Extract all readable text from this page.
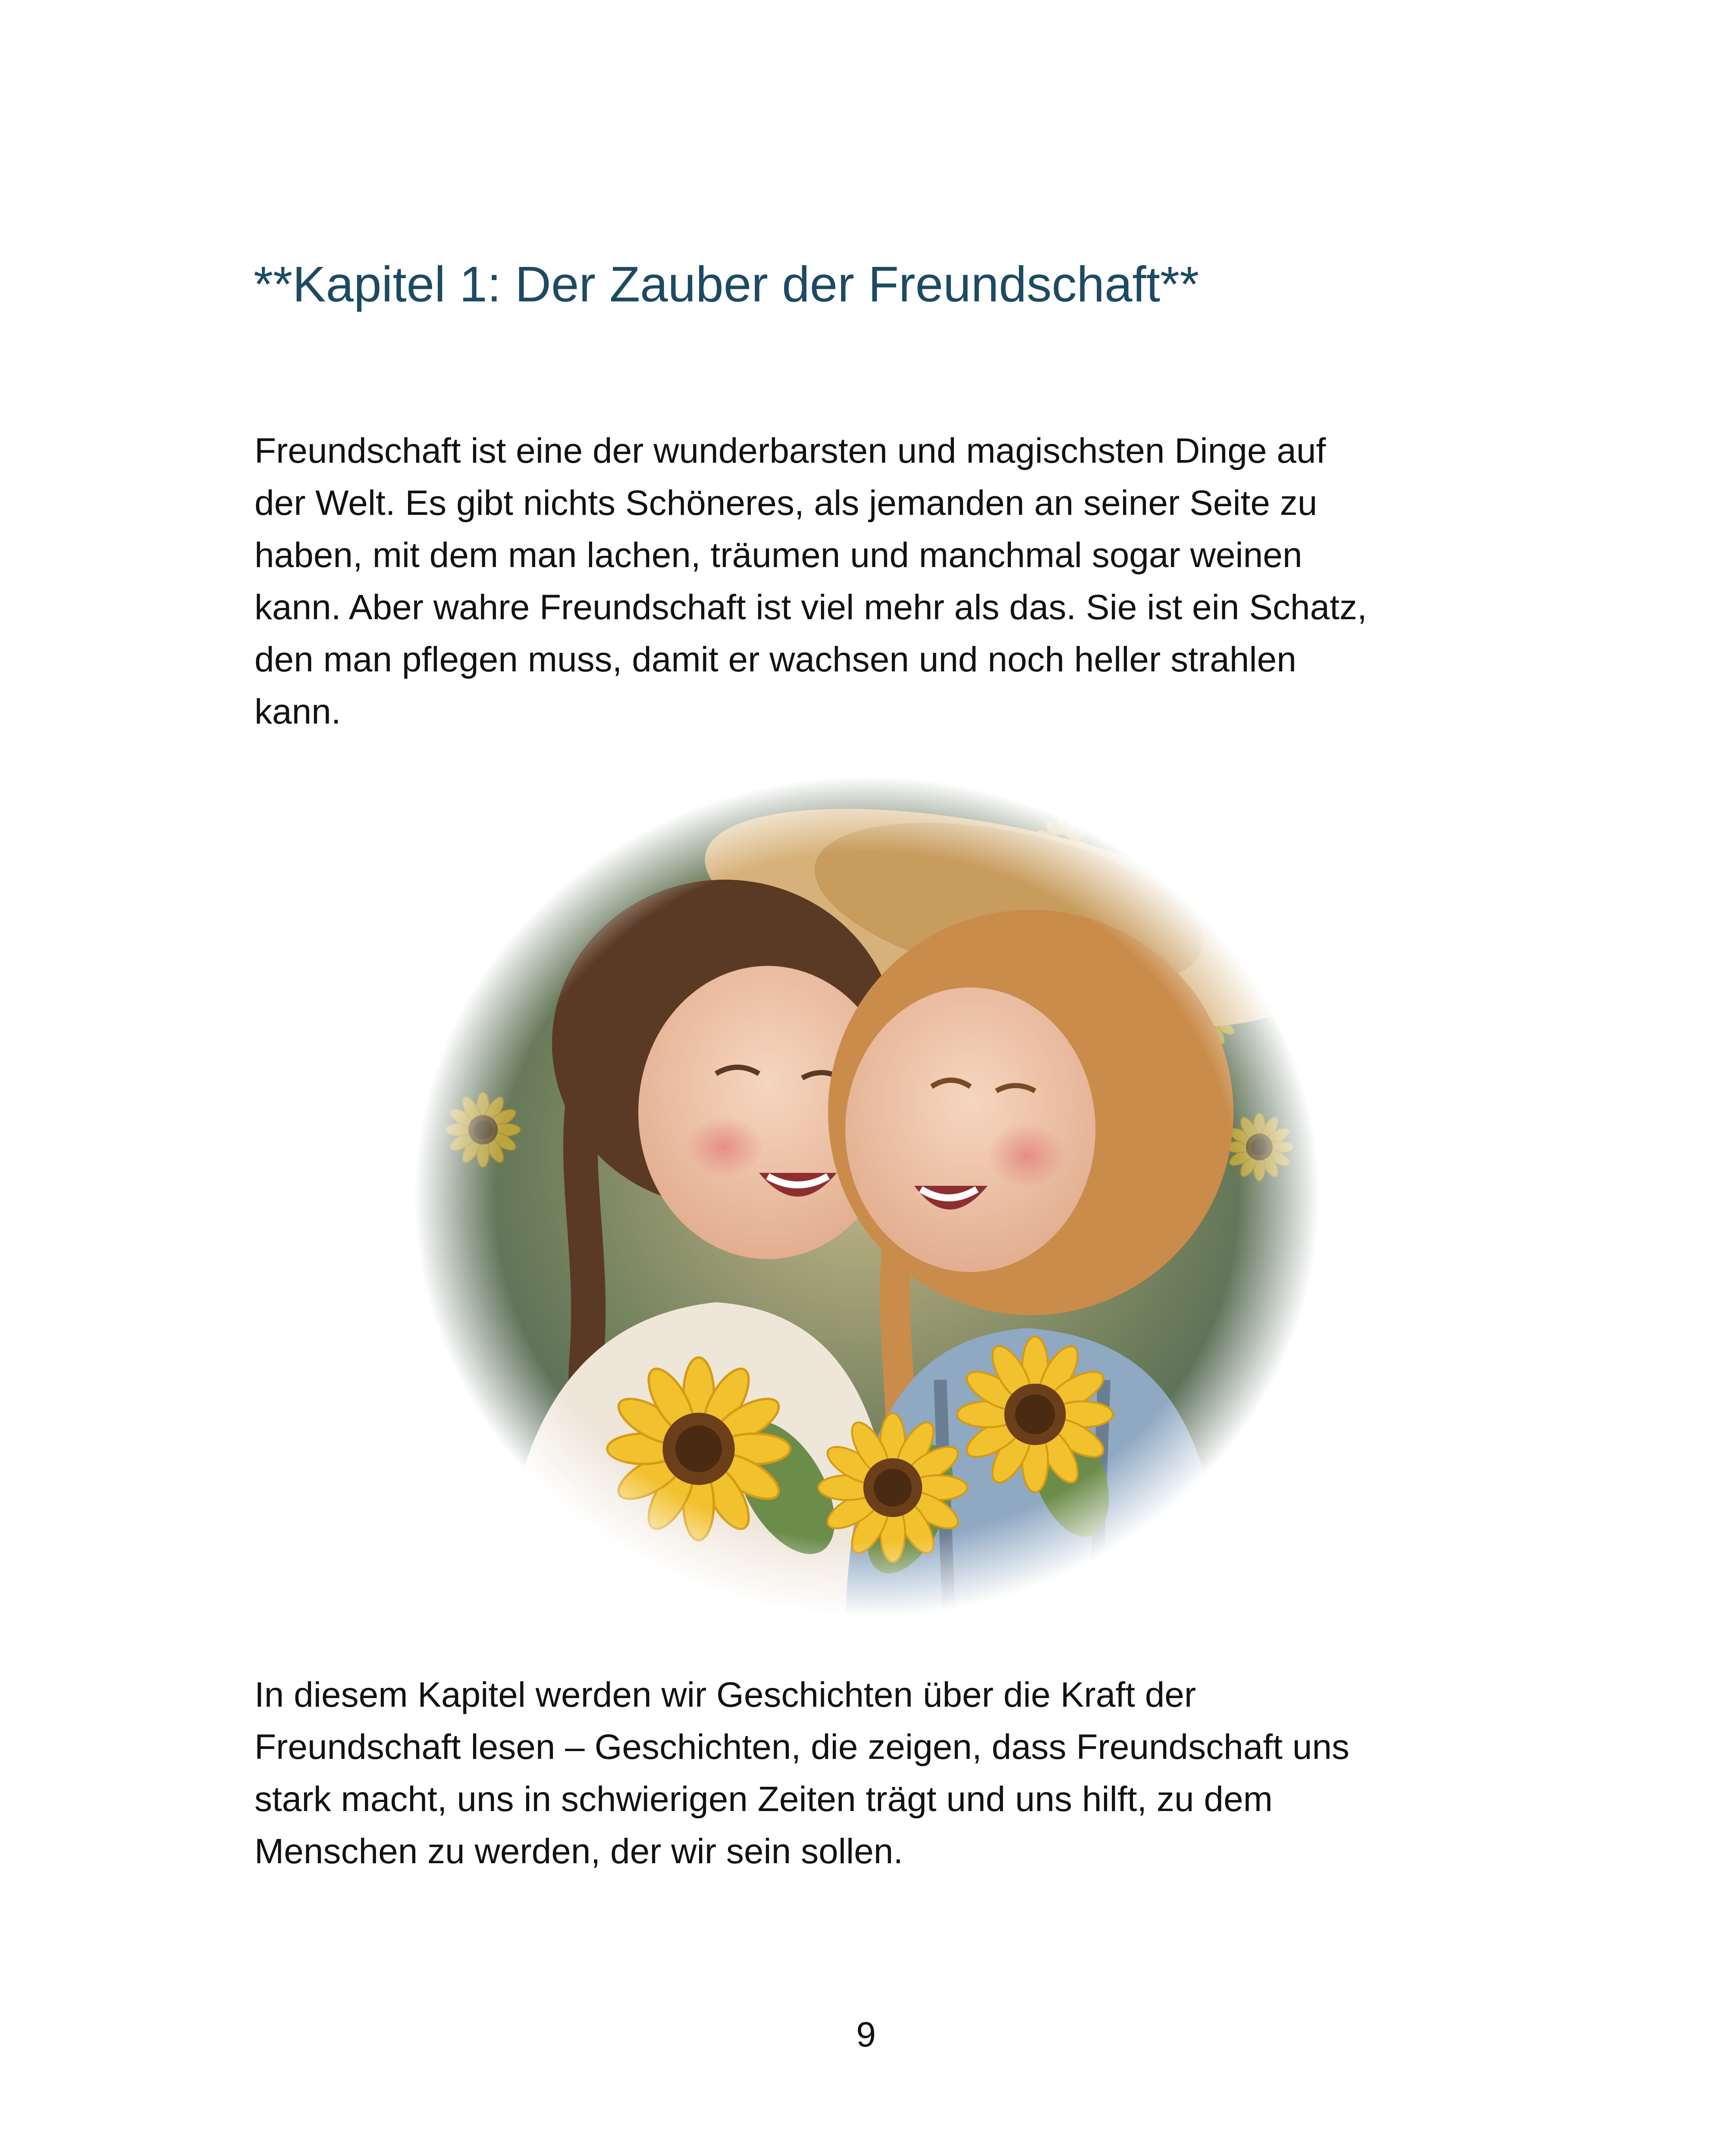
**Kapitel 1: Der Zauber der Freundschaft**

Freundschaft ist eine der wunderbarsten und magischsten Dinge auf
der Welt. Es gibt nichts Schöneres, als jemanden an seiner Seite zu
haben, mit dem man lachen, träumen und manchmal sogar weinen
kann. Aber wahre Freundschaft ist viel mehr als das. Sie ist ein Schatz,
den man pflegen muss, damit er wachsen und noch heller strahlen
kann.

In diesem Kapitel werden wir Geschichten über die Kraft der
Freundschaft lesen – Geschichten, die zeigen, dass Freundschaft uns
stark macht, uns in schwierigen Zeiten trägt und uns hilft, zu dem
Menschen zu werden, der wir sein sollen.

9
